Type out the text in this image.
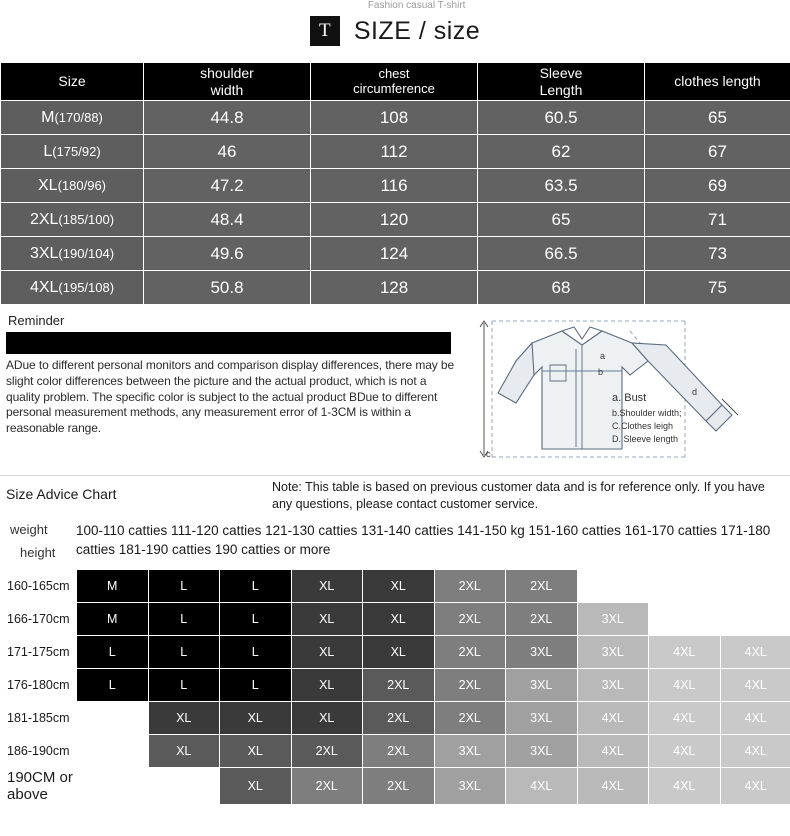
Fashion casual T-shirt
T SIZE / size
Size

shoulder
width

chest
circumference

Sleeve
Length

clothes length

M(170/88)	44.8	108	60.5	65
L(175/92)	46	112	62	67
XL(180/96)	47.2	116	63.5	69
2XL(185/100)	48.4	120	65	71
3XL(190/104)	49.6	124	66.5	73
4XL(195/108)	50.8	128	68	75
Reminder
ADue to different personal monitors and comparison display differences, there may be slight color differences between the picture and the actual product, which is not a quality problem. The specific color is subject to the actual product BDue to different personal measurement methods, any measurement error of 1-3CM is within a reasonable range.
a
b
c
d
a. Bust
b.Shoulder width;
C.Clothes leigh
D. Sleeve length
Size Advice Chart	Note: This table is based on previous customer data and is for reference only. If you have any questions, please contact customer service.
weight
height
100-110 catties 111-120 catties 121-130 catties 131-140 catties 141-150 kg 151-160 catties 161-170 catties 171-180 catties 181-190 catties 190 catties or more
160-165cm	M	L	L	XL	XL	2XL	2XL			
166-170cm	M	L	L	XL	XL	2XL	2XL	3XL		
171-175cm	L	L	L	XL	XL	2XL	3XL	3XL	4XL	4XL
176-180cm	L	L	L	XL	2XL	2XL	3XL	3XL	4XL	4XL
181-185cm		XL	XL	XL	2XL	2XL	3XL	4XL	4XL	4XL
186-190cm		XL	XL	2XL	2XL	3XL	3XL	4XL	4XL	4XL
190CM or above			XL	2XL	2XL	3XL	4XL	4XL	4XL	4XL
